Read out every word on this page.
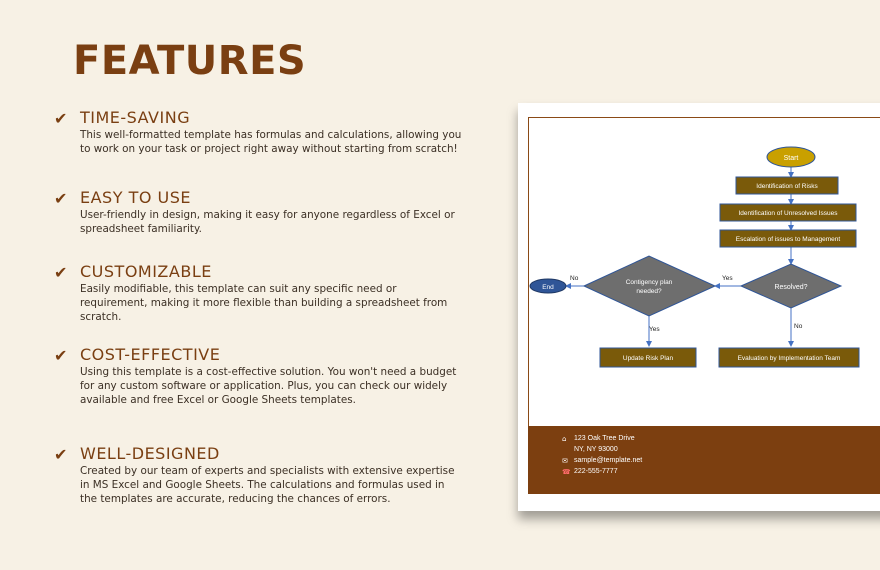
FEATURES
✔ TIME-SAVING
This well-formatted template has formulas and calculations, allowing you to work on your task or project right away without starting from scratch!
✔ EASY TO USE
User-friendly in design, making it easy for anyone regardless of Excel or spreadsheet familiarity.
✔ CUSTOMIZABLE
Easily modifiable, this template can suit any specific need or requirement, making it more flexible than building a spreadsheet from scratch.
✔ COST-EFFECTIVE
Using this template is a cost-effective solution. You won't need a budget for any custom software or application. Plus, you can check our widely available and free Excel or Google Sheets templates.
✔ WELL-DESIGNED
Created by our team of experts and specialists with extensive expertise in MS Excel and Google Sheets. The calculations and formulas used in the templates are accurate, reducing the chances of errors.
Start
Identification of Risks
Identification of Unresolved Issues
Escalation of issues to Management
Resolved?
Contigency plan
needed?
End
Update Risk Plan	Evaluation by Implementation Team
Yes
No
Yes	No
⌂ 123 Oak Tree Drive
NY, NY 93000
✉ sample@template.net
☎ 222-555-7777
